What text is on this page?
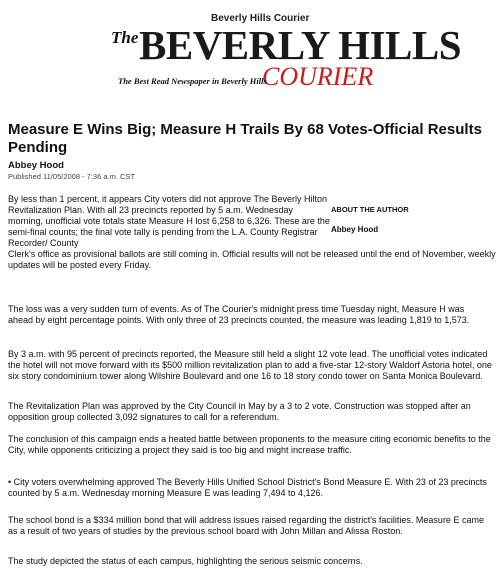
Beverly Hills Courier
The BEVERLY HILLS
COURIER
The Best Read Newspaper in Beverly Hills
Measure E Wins Big; Measure H Trails By 68 Votes-Official Results Pending
Abbey Hood
Published 11/05/2008 - 7:36 a.m. CST
ABOUT THE AUTHOR
Abbey Hood

By less than 1 percent, it appears City voters did not approve The Beverly Hilton Revitalization Plan. With all 23 precincts reported by 5 a.m. Wednesday morning, unofficial vote totals state Measure H lost 6,258 to 6,326. These are the semi-final counts; the final vote tally is pending from the L.A. County Registrar Recorder/ County
Clerk's office as provisional ballots are still coming in. Official results will not be released until the end of November, weekly updates will be posted every Friday.

The loss was a very sudden turn of events. As of The Courier's midnight press time Tuesday night, Measure H was ahead by eight percentage points. With only three of 23 precincts counted, the measure was leading 1,819 to 1,573.

By 3 a.m. with 95 percent of precincts reported, the Measure still held a slight 12 vote lead. The unofficial votes indicated the hotel will not move forward with its $500 million revitalization plan to add a five-star 12-story Waldorf Astoria hotel, one six story condominium tower along Wilshire Boulevard and one 16 to 18 story condo tower on Santa Monica Boulevard.

The Revitalization Plan was approved by the City Council in May by a 3 to 2 vote. Construction was stopped after an opposition group collected 3,092 signatures to call for a referendum.

The conclusion of this campaign ends a heated battle between proponents to the measure citing economic benefits to the City, while opponents criticizing a project they said is too big and might increase traffic.

• City voters overwhelming approved The Beverly Hills Unified School District's Bond Measure E. With 23 of 23 precincts counted by 5 a.m. Wednesday morning Measure E was leading 7,494 to 4,126.

The school bond is a $334 million bond that will address issues raised regarding the district's facilities. Measure E came as a result of two years of studies by the previous school board with John Millan and Alissa Roston.

The study depicted the status of each campus, highlighting the serious seismic concerns.
